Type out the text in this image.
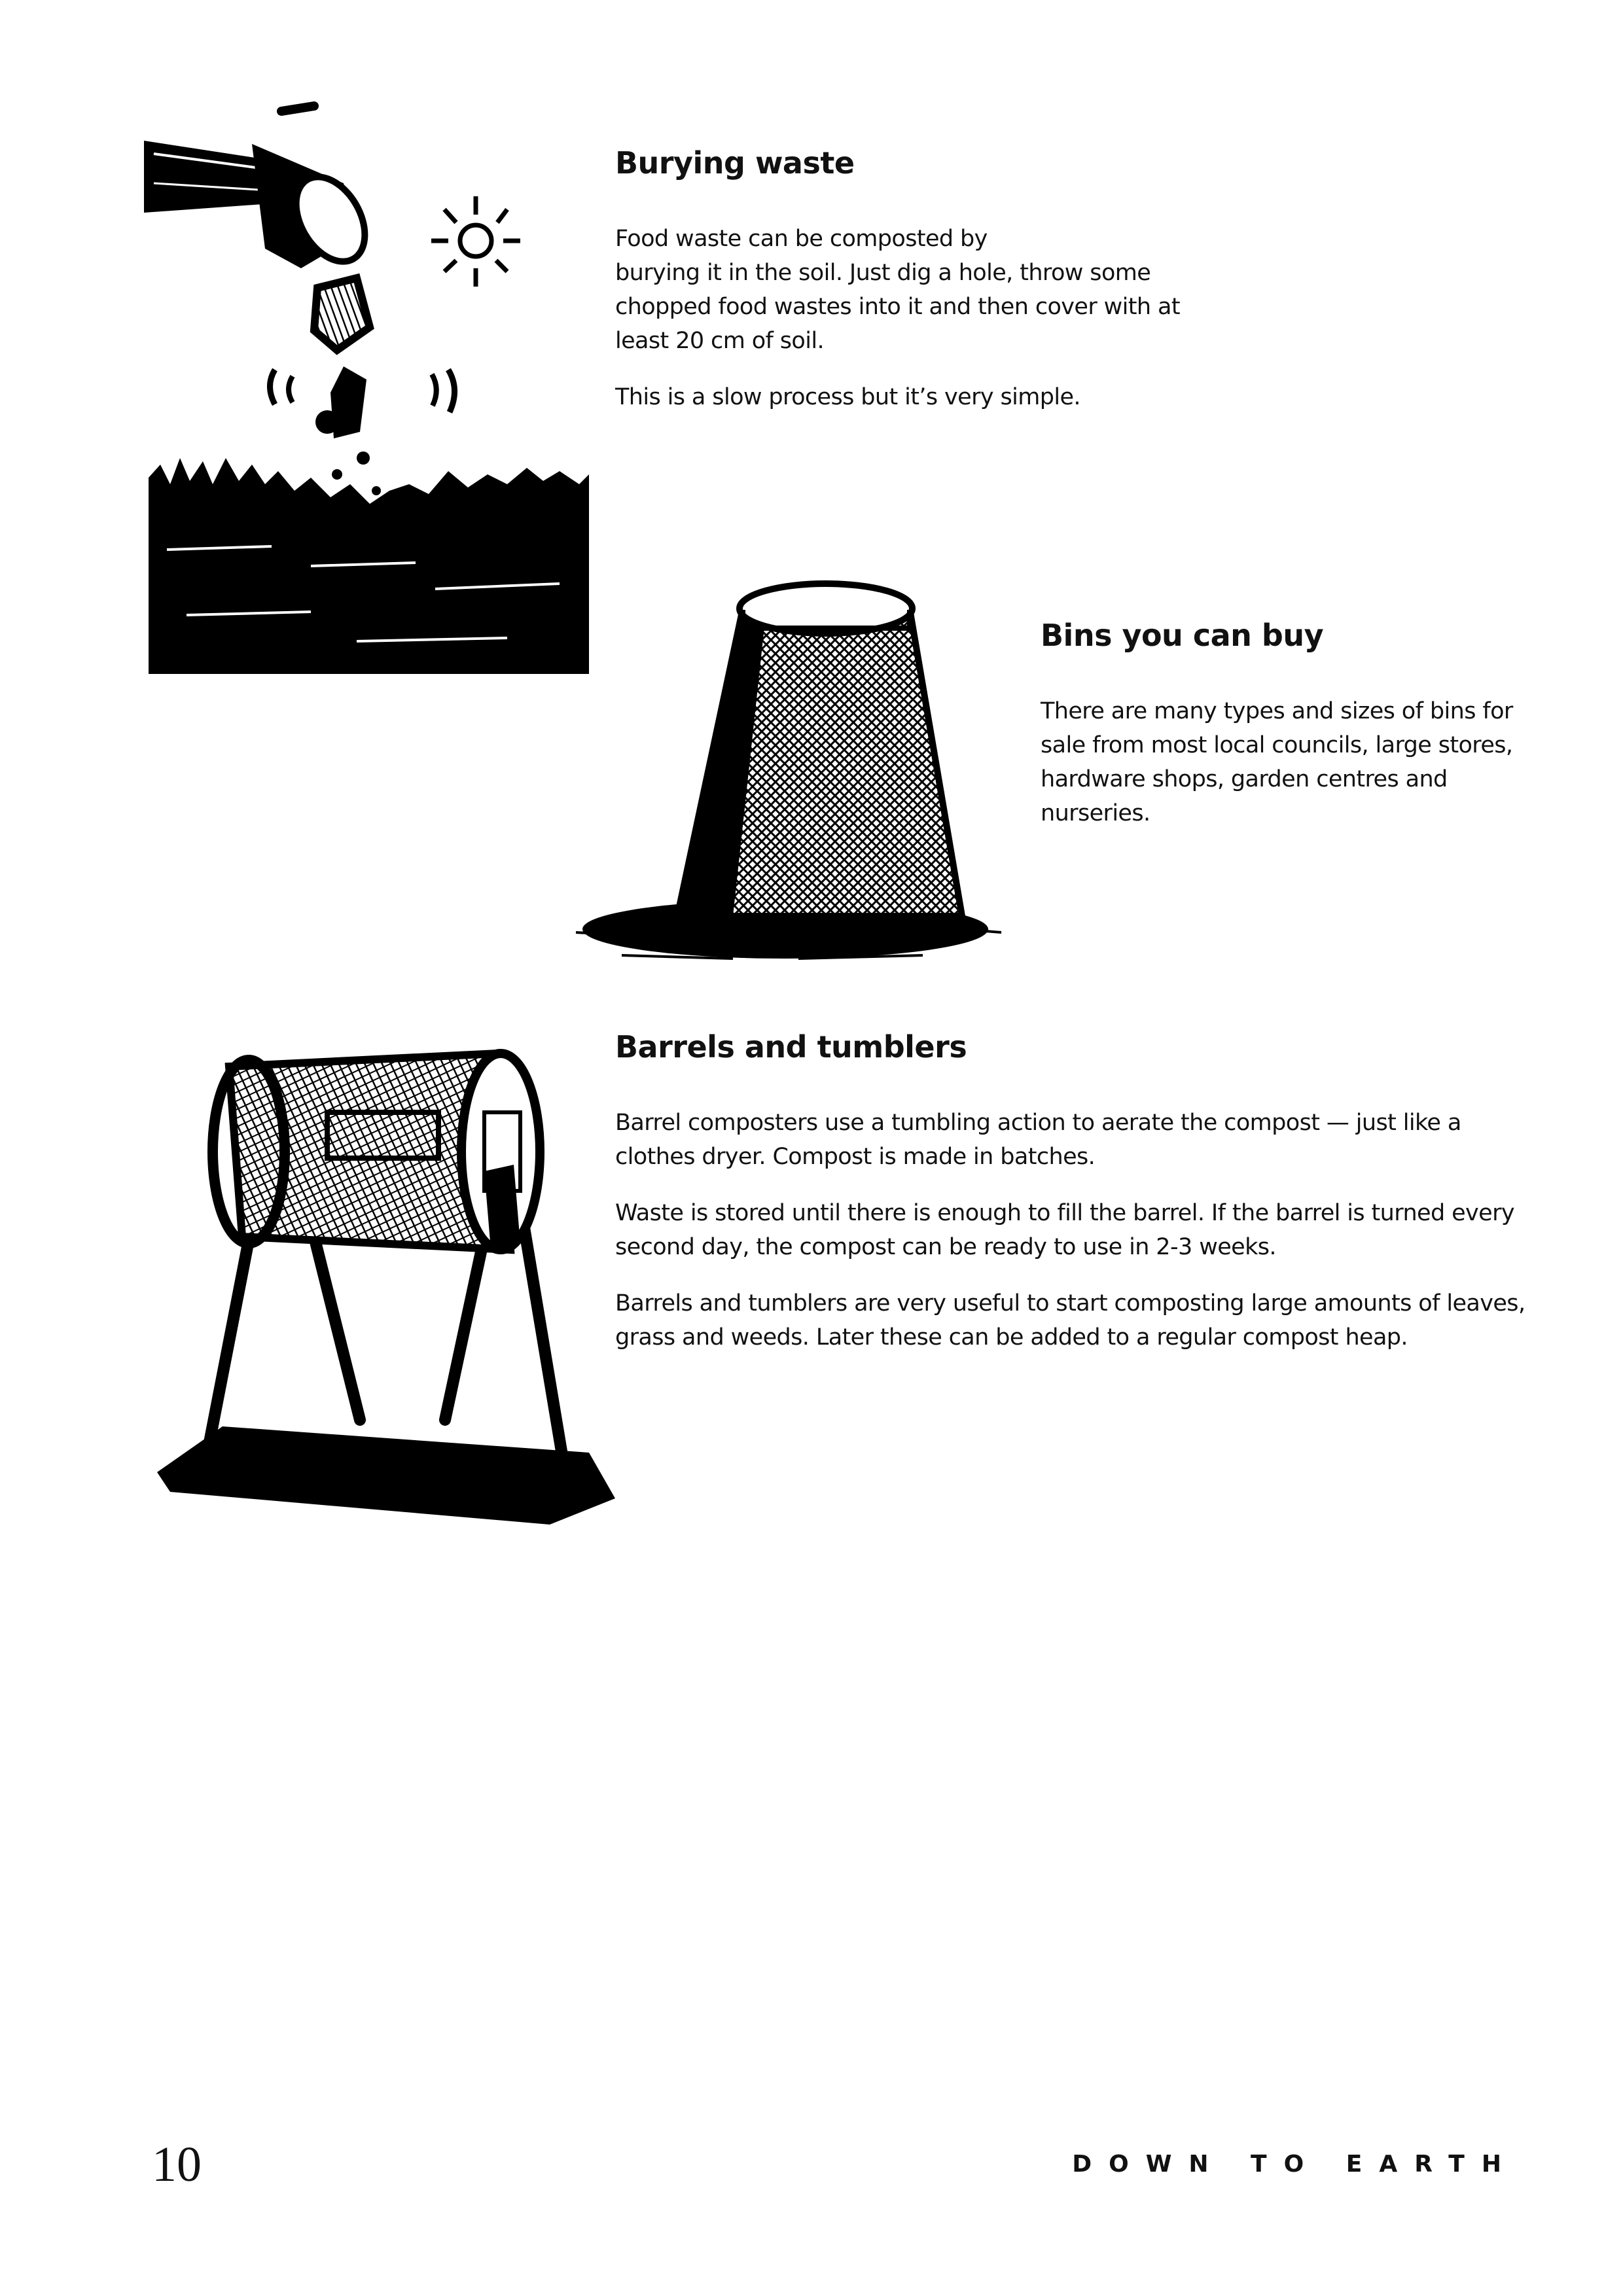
Burying waste

Food waste can be composted by
burying it in the soil. Just dig a hole, throw some
chopped food wastes into it and then cover with at
least 20 cm of soil.

This is a slow process but it’s very simple.

Bins you can buy

There are many types and sizes of bins for
sale from most local councils, large stores,
hardware shops, garden centres and
nurseries.

Barrels and tumblers

Barrel composters use a tumbling action to aerate the compost — just like a
clothes dryer. Compost is made in batches.

Waste is stored until there is enough to fill the barrel. If the barrel is turned every
second day, the compost can be ready to use in 2-3 weeks.

Barrels and tumblers are very useful to start composting large amounts of leaves,
grass and weeds. Later these can be added to a regular compost heap.

10	DOWN TO EARTH
